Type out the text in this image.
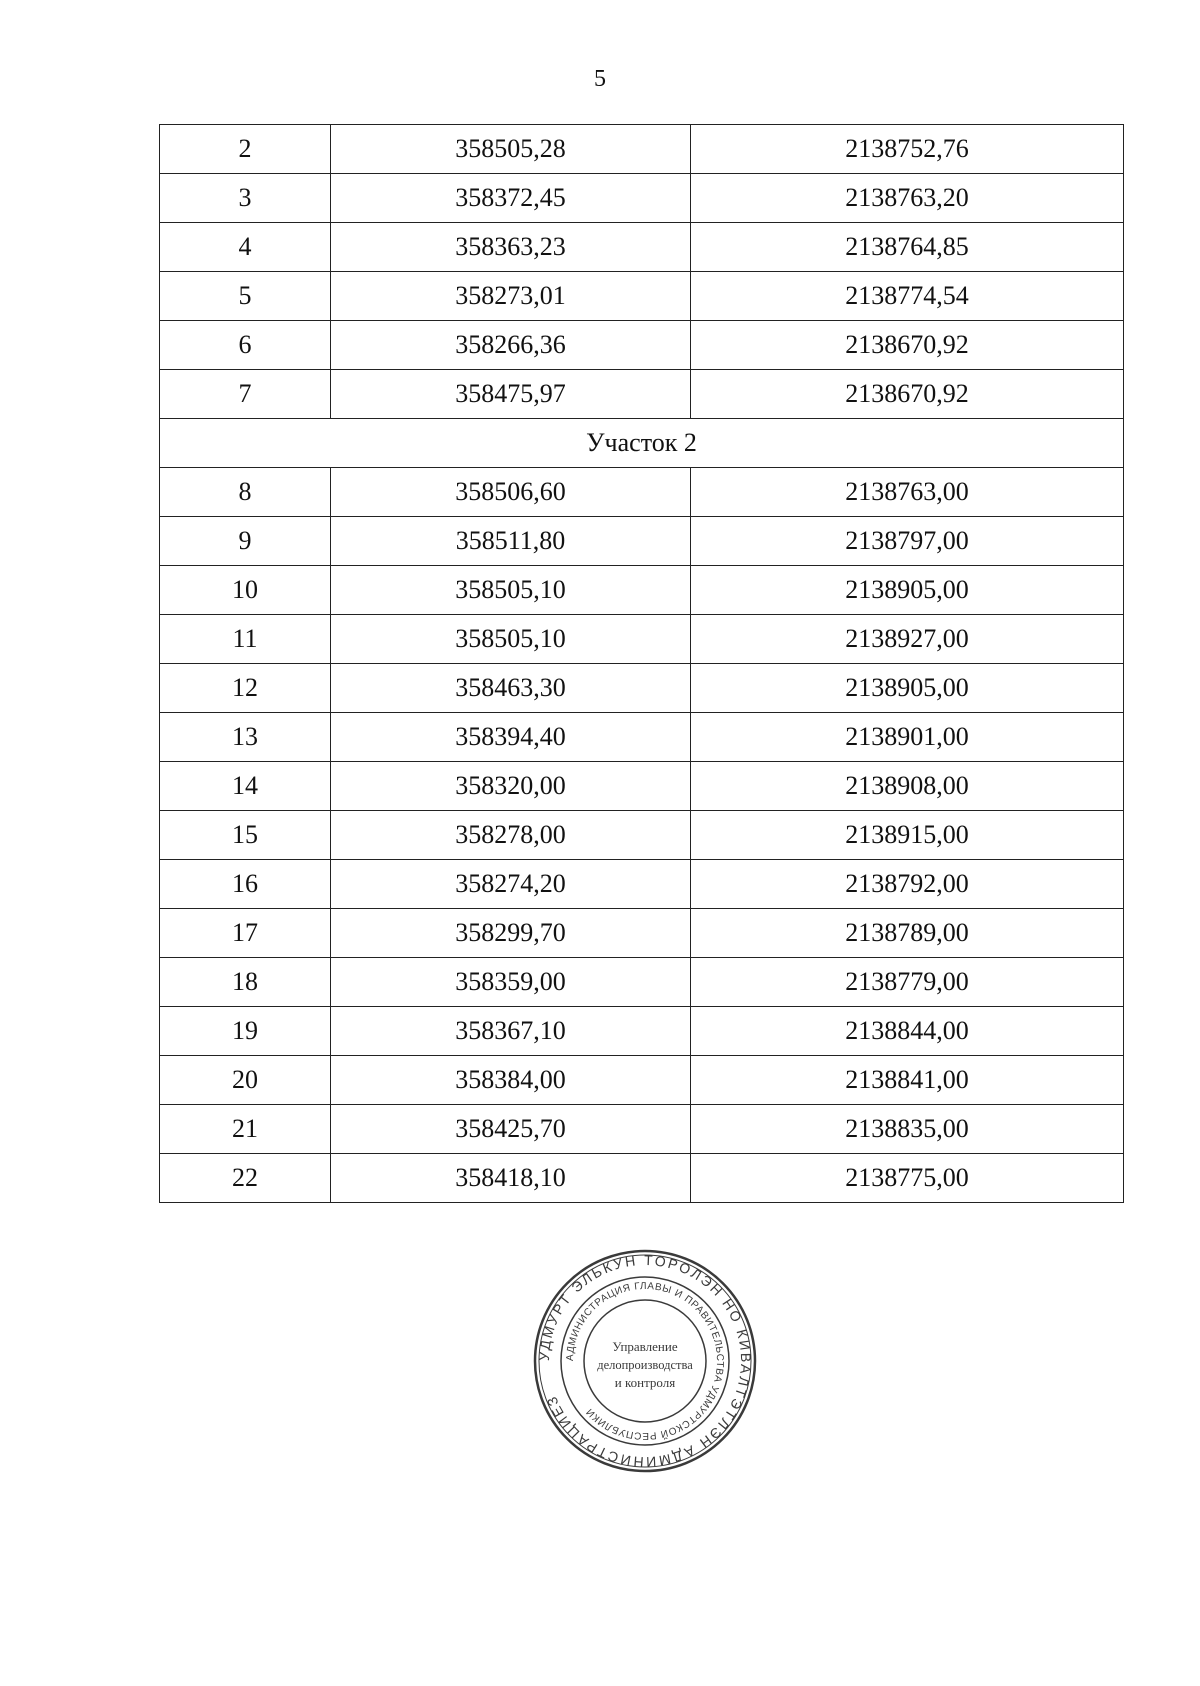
5
2	358505,28	2138752,76
3	358372,45	2138763,20
4	358363,23	2138764,85
5	358273,01	2138774,54
6	358266,36	2138670,92
7	358475,97	2138670,92
Участок 2		
8	358506,60	2138763,00
9	358511,80	2138797,00
10	358505,10	2138905,00
11	358505,10	2138927,00
12	358463,30	2138905,00
13	358394,40	2138901,00
14	358320,00	2138908,00
15	358278,00	2138915,00
16	358274,20	2138792,00
17	358299,70	2138789,00
18	358359,00	2138779,00
19	358367,10	2138844,00
20	358384,00	2138841,00
21	358425,70	2138835,00
22	358418,10	2138775,00
УДМУРТ ЭЛЬКУН ТОРОЛЭН НО КИВАЛТЭТЛЭН АДМИНИСТРАЦИЕЗ
АДМИНИСТРАЦИЯ ГЛАВЫ И ПРАВИТЕЛЬСТВА УДМУРТСКОЙ РЕСПУБЛИКИ
Управление
делопроизводства
и контроля
